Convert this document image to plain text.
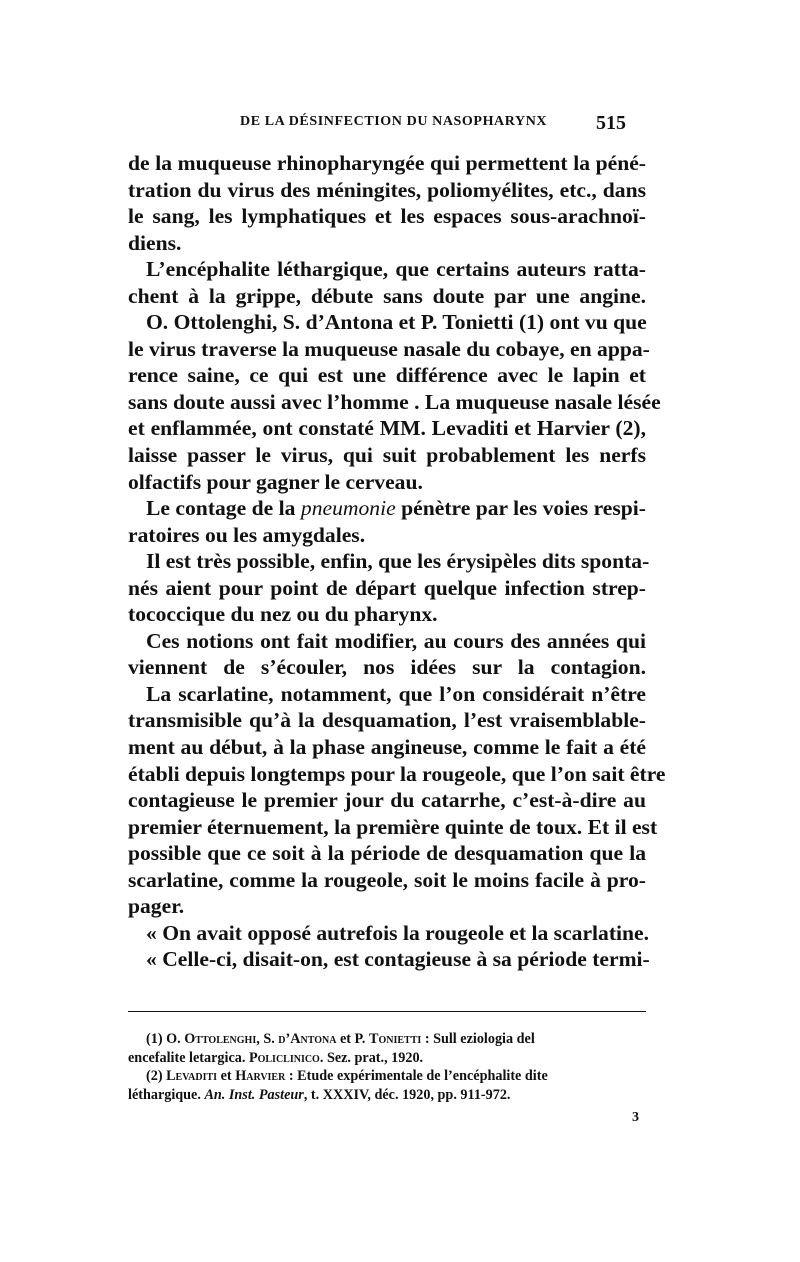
DE LA DÉSINFECTION DU NASOPHARYNX 515
de la muqueuse rhinopharyngée qui permettent la péné-
tration du virus des méningites, poliomyélites, etc., dans
le sang, les lymphatiques et les espaces sous-arachnoï-
diens.
L’encéphalite léthargique, que certains auteurs ratta-
chent à la grippe, débute sans doute par une angine.
O. Ottolenghi, S. d’Antona et P. Tonietti (1) ont vu que
le virus traverse la muqueuse nasale du cobaye, en appa-
rence saine, ce qui est une différence avec le lapin et
sans doute aussi avec l’homme . La muqueuse nasale lésée
et enflammée, ont constaté MM. Levaditi et Harvier (2),
laisse passer le virus, qui suit probablement les nerfs
olfactifs pour gagner le cerveau.
Le contage de la pneumonie pénètre par les voies respi-
ratoires ou les amygdales.
Il est très possible, enfin, que les érysipèles dits sponta-
nés aient pour point de départ quelque infection strep-
tococcique du nez ou du pharynx.
Ces notions ont fait modifier, au cours des années qui
viennent de s’écouler, nos idées sur la contagion.
La scarlatine, notamment, que l’on considérait n’être
transmisible qu’à la desquamation, l’est vraisemblable-
ment au début, à la phase angineuse, comme le fait a été
établi depuis longtemps pour la rougeole, que l’on sait être
contagieuse le premier jour du catarrhe, c’est-à-dire au
premier éternuement, la première quinte de toux. Et il est
possible que ce soit à la période de desquamation que la
scarlatine, comme la rougeole, soit le moins facile à pro-
pager.
« On avait opposé autrefois la rougeole et la scarlatine.
« Celle-ci, disait-on, est contagieuse à sa période termi-
(1) O. Ottolenghi, S. d’Antona et P. Tonietti : Sull eziologia del
encefalite letargica. Policlinico. Sez. prat., 1920.
(2) Levaditi et Harvier : Etude expérimentale de l’encéphalite dite
léthargique. An. Inst. Pasteur, t. XXXIV, déc. 1920, pp. 911-972.
3
